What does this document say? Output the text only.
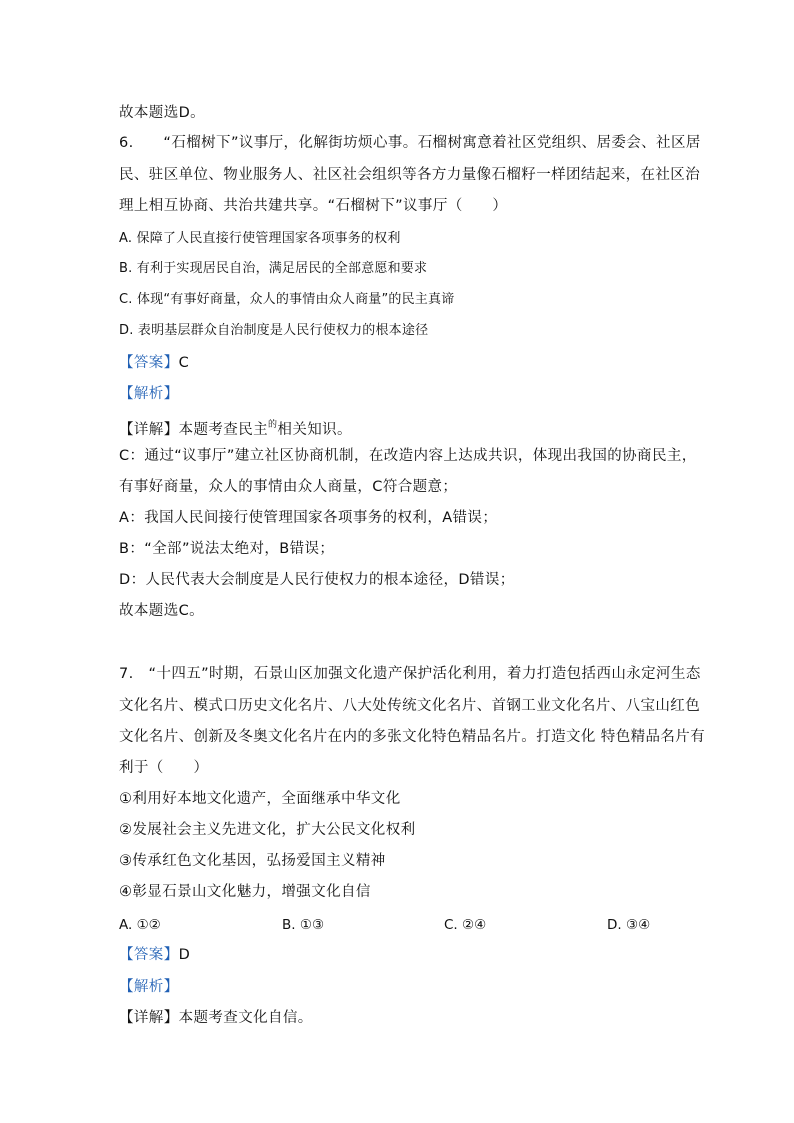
故本题选D。
6.　　“石榴树下”议事厅，化解街坊烦心事。石榴树寓意着社区党组织、居委会、社区居
民、驻区单位、物业服务人、社区社会组织等各方力量像石榴籽一样团结起来，在社区治
理上相互协商、共治共建共享。“石榴树下”议事厅（　　）
A. 保障了人民直接行使管理国家各项事务的权利
B. 有利于实现居民自治，满足居民的全部意愿和要求
C. 体现“有事好商量，众人的事情由众人商量”的民主真谛
D. 表明基层群众自治制度是人民行使权力的根本途径
【答案】C
【解析】
【详解】本题考查民主$^的$相关知识。
C：通过“议事厅”建立社区协商机制，在改造内容上达成共识，体现出我国的协商民主，
有事好商量，众人的事情由众人商量，C符合题意；
A：我国人民间接行使管理国家各项事务的权利，A错误；
B：“全部”说法太绝对，B错误；
D：人民代表大会制度是人民行使权力的根本途径，D错误；
故本题选C。
7.　“十四五”时期，石景山区加强文化遗产保护活化利用，着力打造包括西山永定河生态
文化名片、模式口历史文化名片、八大处传统文化名片、首钢工业文化名片、八宝山红色
文化名片、创新及冬奥文化名片在内的多张文化特色精品名片。打造文化 特色精品名片有
利于（　　）
①利用好本地文化遗产，全面继承中华文化
②发展社会主义先进文化，扩大公民文化权利
③传承红色文化基因，弘扬爱国主义精神
④彰显石景山文化魅力，增强文化自信
A. ①②	B. ①③	C. ②④	D. ③④
【答案】D
【解析】
【详解】本题考查文化自信。
